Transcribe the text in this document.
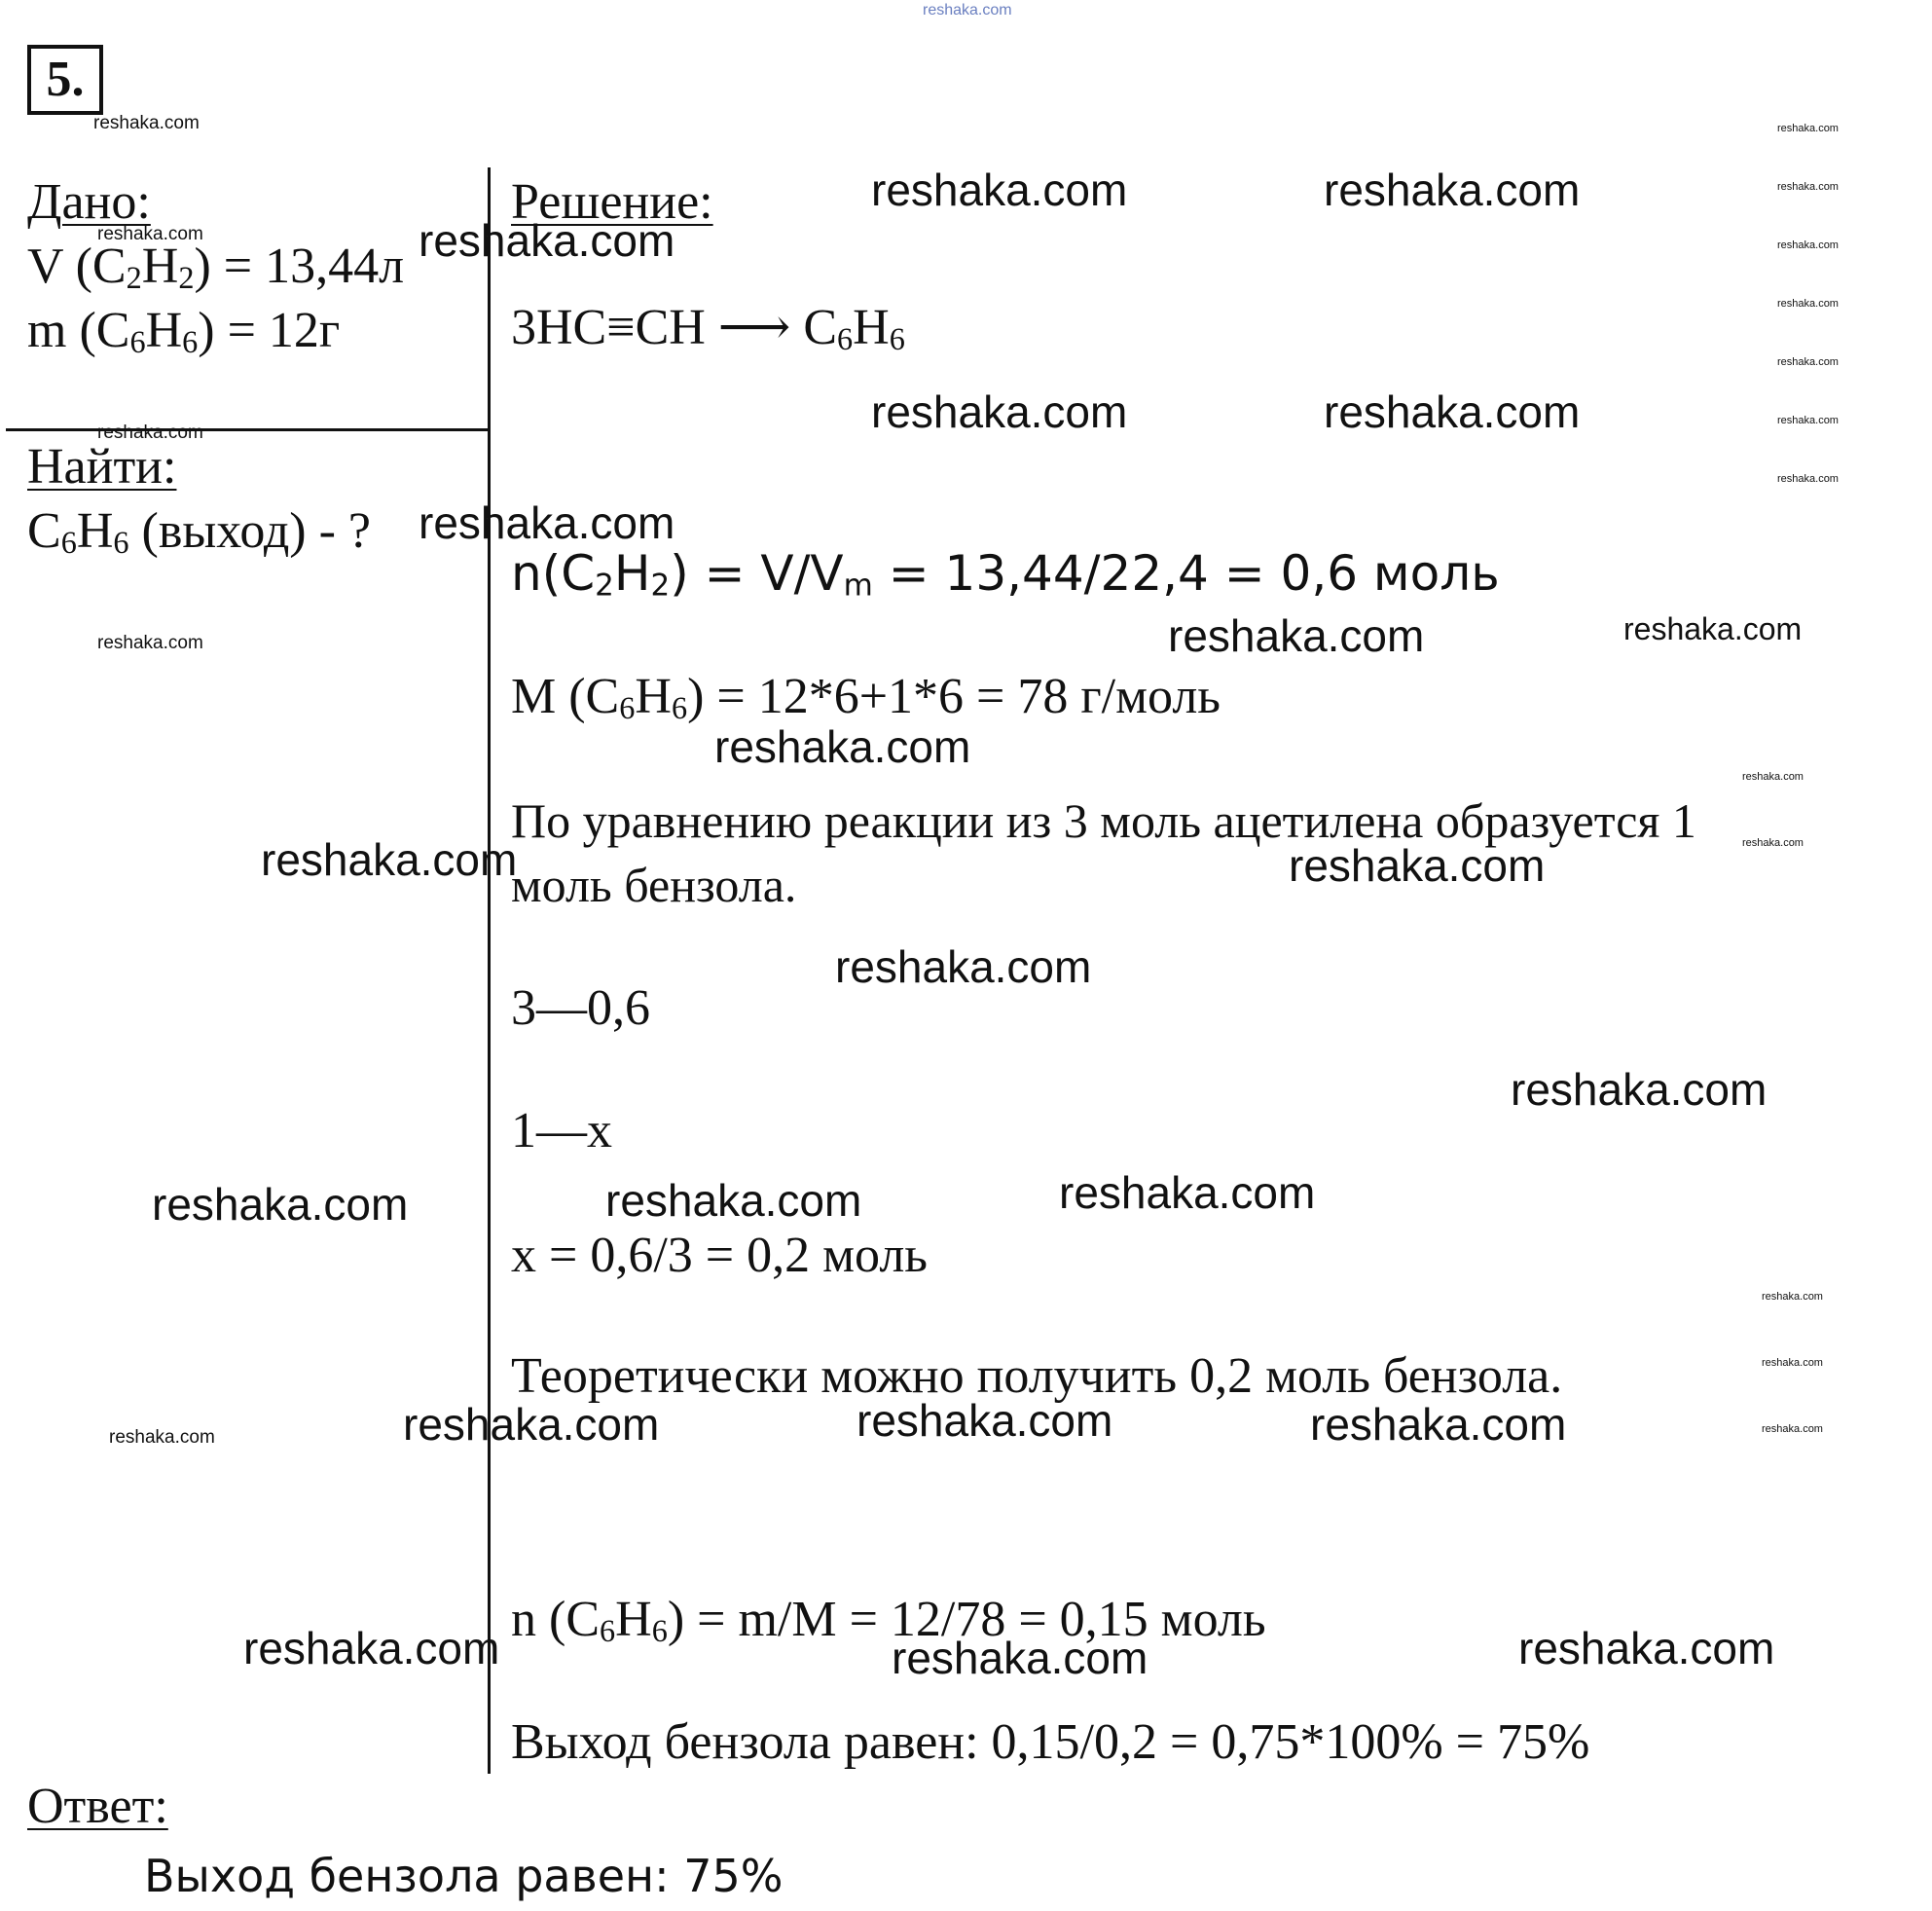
reshaka.com
5.
Дано:
V $(C_2H_2) = 13,44л$
m $(C_6H_6) = 12г$
Найти:
$C_6H_6$ (выход) - ?
Решение:
3HC≡CH ⟶ $C_6H_6$
$n(C_2H_2) = V/V_m = 13,44/22,4 = 0,6$ моль
M $(C_6H_6) = 12*6+1*6 = 78$ г/моль
По уравнению реакции из 3 моль ацетилена образуется 1
моль бензола.
3—0,6
1—x
x = 0,6/3 = 0,2 моль
Теоретически можно получить 0,2 моль бензола.
n $(C_6H_6) = m/M = 12/78 = 0,15$ моль
Выход бензола равен: 0,15/0,2 = 0,75*100% = 75%
Ответ:
Выход бензола равен: 75%
reshaka.com	reshaka.com
reshaka.com
reshaka.com	reshaka.com
reshaka.com
reshaka.com
reshaka.com
reshaka.com	reshaka.com
reshaka.com
reshaka.com
reshaka.com	reshaka.com	reshaka.com
reshaka.com	reshaka.com	reshaka.com
reshaka.com	reshaka.com	reshaka.com
reshaka.com
reshaka.com
reshaka.com
reshaka.com
reshaka.com
reshaka.com
reshaka.com
reshaka.com
reshaka.com
reshaka.com
reshaka.com
reshaka.com
reshaka.com
reshaka.com
reshaka.com
reshaka.com
reshaka.com
reshaka.com
